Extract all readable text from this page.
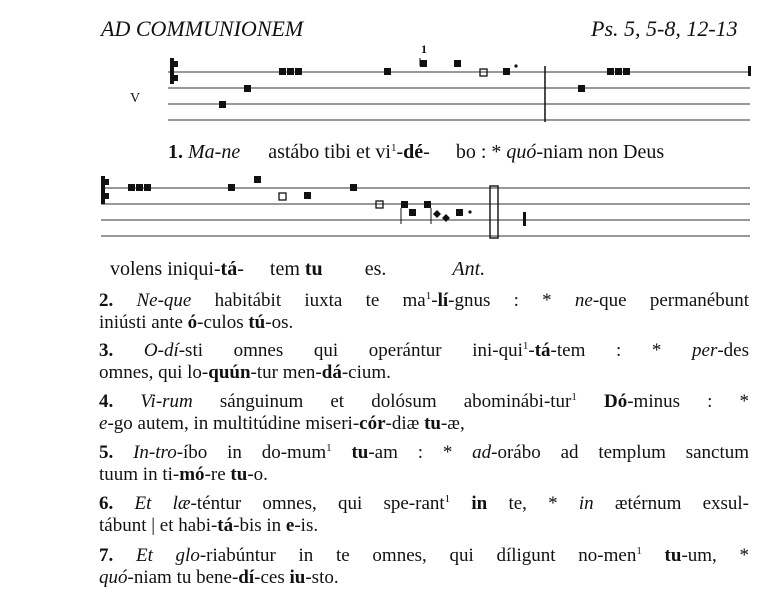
AD COMMUNIONEM	Ps. 5, 5-8, 12-13
1
V
1. Ma-ne astábo tibi et $vi^1-dé-$ bo : * quó-niam non Deus
volens iniqui-tá- tem tu es.	Ant.
2. Ne-que habitábit iuxta te $ma^1-lí$-gnus : * ne-que permanébunt
iniústi ante ó-culos tú-os.
3. O-dí-sti omnes qui operántur ini-qui$^1$-tá-tem : * per-des
omnes, qui lo-quún-tur men-dá-cium.
4. Vi-rum sánguinum et dolósum abominábi-tur$^1$ Dó-minus : *
e-go autem, in multitúdine miseri-cór-diæ tu-æ,
5. In-tro-íbo in do-mum$^1$ tu-am : * ad-orábo ad templum sanctum
tuum in ti-mó-re tu-o.
6. Et læ-téntur omnes, qui spe-rant$^1$ in te, * in ætérnum exsul-
tábunt | et habi-tá-bis in e-is.
7. Et glo-riabúntur in te omnes, qui díligunt no-men$^1$ tu-um, *
quó-niam tu bene-dí-ces iu-sto.
